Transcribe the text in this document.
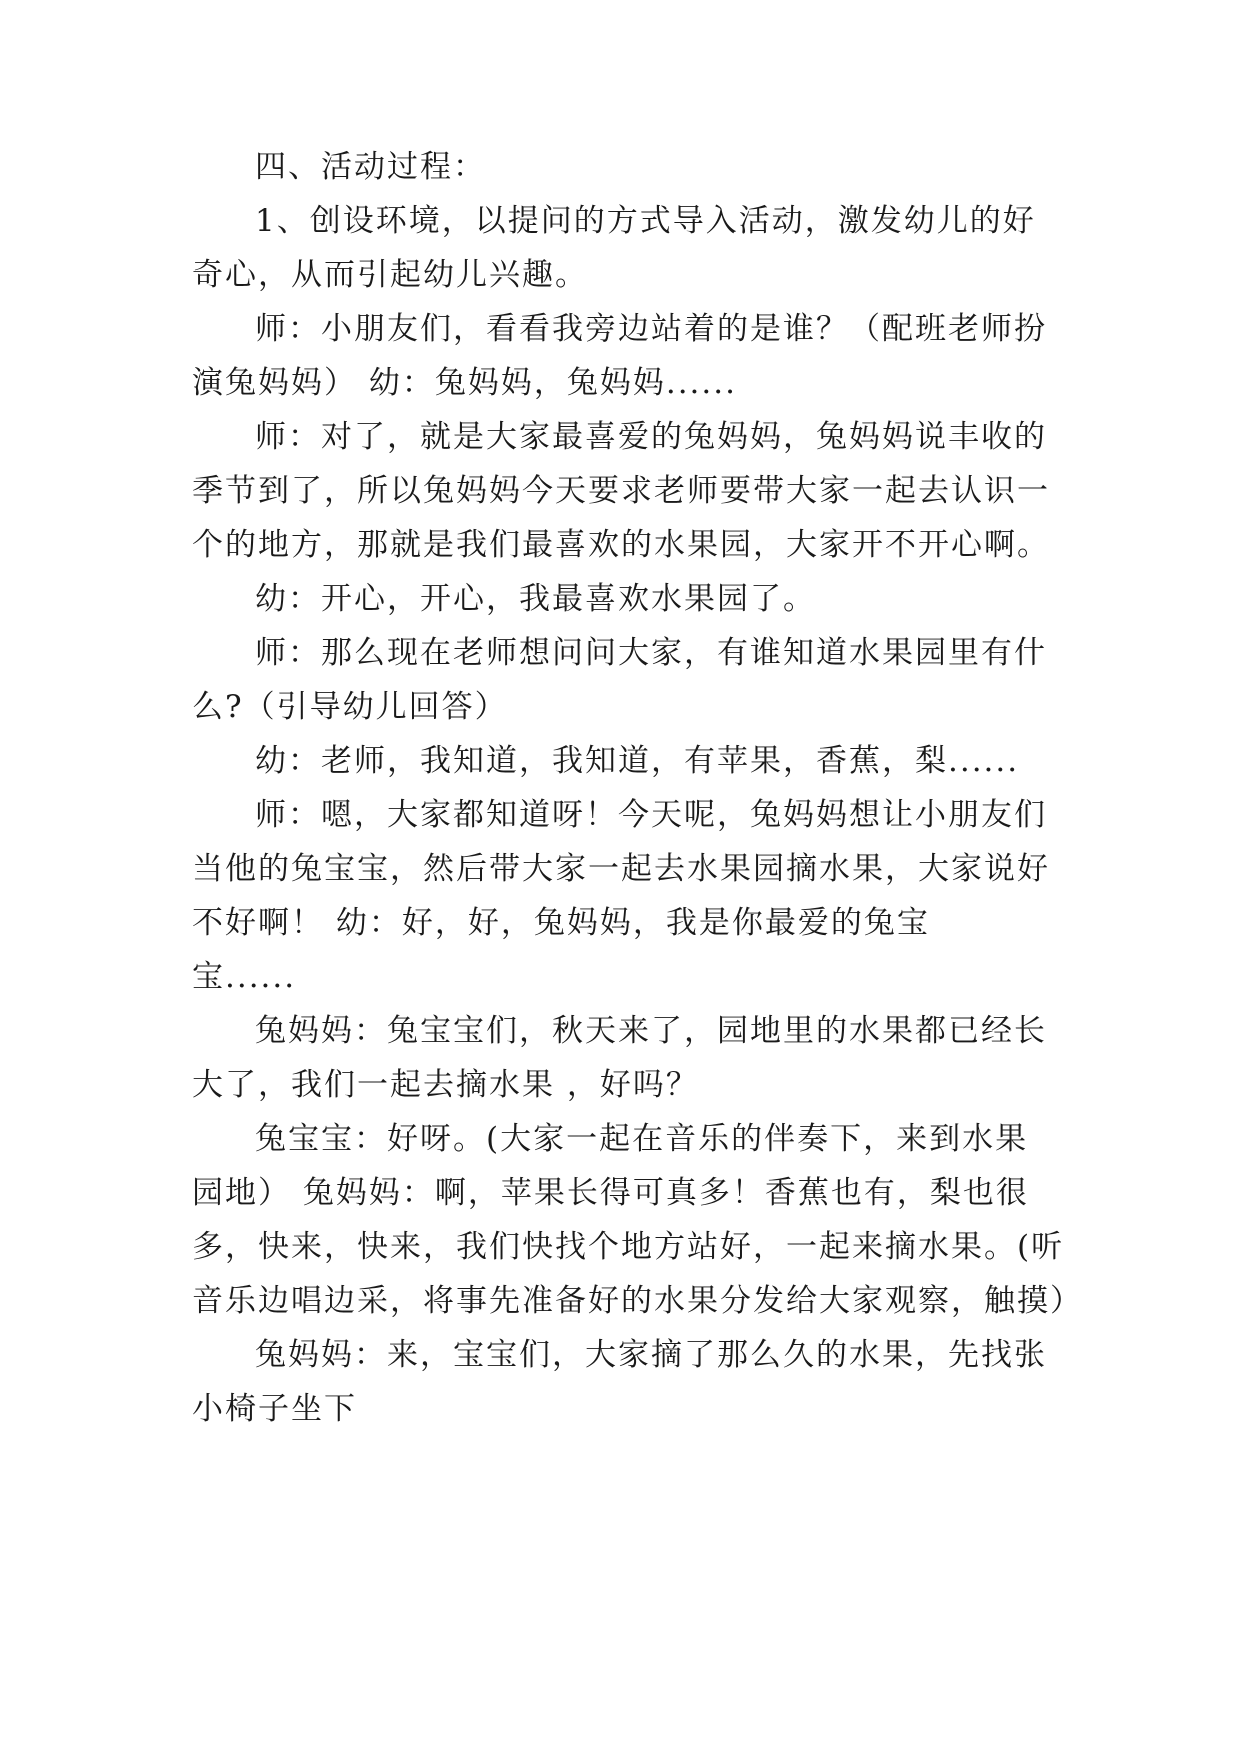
四、活动过程：
1、创设环境，以提问的方式导入活动，激发幼儿的好
奇心，从而引起幼儿兴趣。
师：小朋友们，看看我旁边站着的是谁？（配班老师扮
演兔妈妈） 幼：兔妈妈，兔妈妈......
师：对了，就是大家最喜爱的兔妈妈，兔妈妈说丰收的
季节到了，所以兔妈妈今天要求老师要带大家一起去认识一
个的地方，那就是我们最喜欢的水果园，大家开不开心啊。
幼：开心，开心，我最喜欢水果园了。
师：那么现在老师想问问大家，有谁知道水果园里有什
么?（引导幼儿回答）
幼：老师，我知道，我知道，有苹果，香蕉，梨......
师：嗯，大家都知道呀！今天呢，兔妈妈想让小朋友们
当他的兔宝宝，然后带大家一起去水果园摘水果，大家说好
不好啊！ 幼：好，好，兔妈妈，我是你最爱的兔宝
宝......
兔妈妈：兔宝宝们，秋天来了，园地里的水果都已经长
大了，我们一起去摘水果 ，好吗？
兔宝宝：好呀。(大家一起在音乐的伴奏下，来到水果
园地） 兔妈妈：啊，苹果长得可真多！香蕉也有，梨也很
多，快来，快来，我们快找个地方站好，一起来摘水果。(听
音乐边唱边采，将事先准备好的水果分发给大家观察，触摸）
兔妈妈：来，宝宝们，大家摘了那么久的水果，先找张
小椅子坐下
